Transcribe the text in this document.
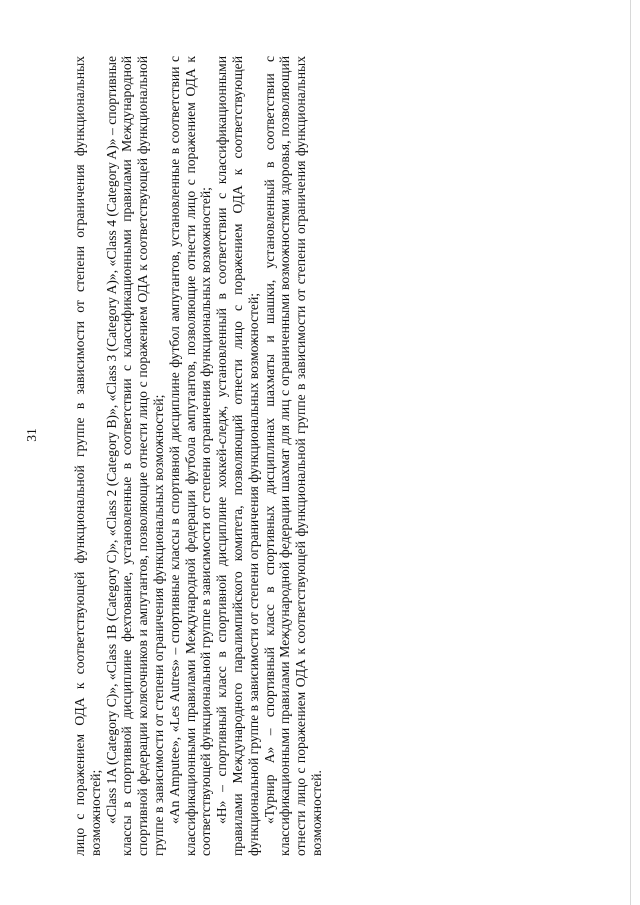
31 лицо с поражением ОДА к соответствующей функциональной группе в зависимости от степени ограничения функциональных возможностей; «Class 1A (Category C)», «Class 1B (Category C)», «Class 2 (Category B)», «Class 3 (Category A)», «Class 4 (Category A)» – спортивные классы в спортивной дисциплине фехтование, установленные в соответствии с классификационными правилами Международной спортивной федерации колясочников и ампутантов, позволяющие отнести лицо с поражением ОДА к соответствующей функциональной группе в зависимости от степени ограничения функциональных возможностей; «An Amputee», «Les Autres» – спортивные классы в спортивной дисциплине футбол ампутантов, установленные в соответствии с классификационными правилами Международной федерации футбола ампутантов, позволяющие отнести лицо с поражением ОДА к соответствующей функциональной группе в зависимости от степени ограничения функциональных возможностей; «H» – спортивный класс в спортивной дисциплине хоккей-следж, установленный в соответствии с классификационными правилами Международного паралимпийского комитета, позволяющий отнести лицо с поражением ОДА к соответствующей функциональной группе в зависимости от степени ограничения функциональных возможностей; «Турнир А» – спортивный класс в спортивных дисциплинах шахматы и шашки, установленный в соответствии с классификационными правилами Международной федерации шахмат для лиц с ограниченными возможностями здоровья, позволяющий отнести лицо с поражением ОДА к соответствующей функциональной группе в зависимости от степени ограничения функциональных возможностей.
